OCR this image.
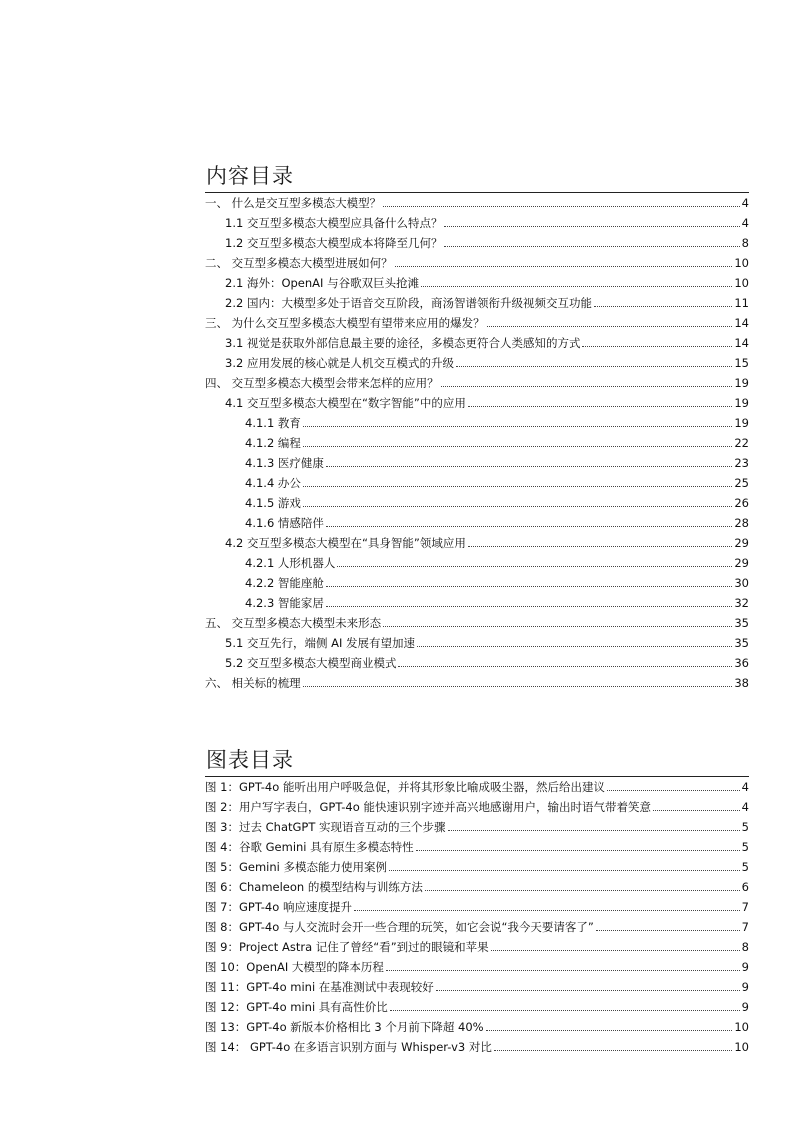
内容目录
一、 什么是交互型多模态大模型？	4
1.1 交互型多模态大模型应具备什么特点？	4
1.2 交互型多模态大模型成本将降至几何？	8
二、 交互型多模态大模型进展如何？	10
2.1 海外：OpenAI 与谷歌双巨头抢滩	10
2.2 国内：大模型多处于语音交互阶段，商汤智谱领衔升级视频交互功能	11
三、 为什么交互型多模态大模型有望带来应用的爆发？	14
3.1 视觉是获取外部信息最主要的途径，多模态更符合人类感知的方式	14
3.2 应用发展的核心就是人机交互模式的升级	15
四、 交互型多模态大模型会带来怎样的应用？	19
4.1 交互型多模态大模型在“数字智能”中的应用	19
4.1.1 教育	19
4.1.2 编程	22
4.1.3 医疗健康	23
4.1.4 办公	25
4.1.5 游戏	26
4.1.6 情感陪伴	28
4.2 交互型多模态大模型在“具身智能”领域应用	29
4.2.1 人形机器人	29
4.2.2 智能座舱	30
4.2.3 智能家居	32
五、 交互型多模态大模型未来形态	35
5.1 交互先行，端侧 AI 发展有望加速	35
5.2 交互型多模态大模型商业模式	36
六、 相关标的梳理	38
图表目录
图 1：GPT-4o 能听出用户呼吸急促，并将其形象比喻成吸尘器，然后给出建议	4
图 2：用户写字表白，GPT-4o 能快速识别字迹并高兴地感谢用户，输出时语气带着笑意	4
图 3：过去 ChatGPT 实现语音互动的三个步骤	5
图 4：谷歌 Gemini 具有原生多模态特性	5
图 5：Gemini 多模态能力使用案例	5
图 6：Chameleon 的模型结构与训练方法	6
图 7：GPT-4o 响应速度提升	7
图 8：GPT-4o 与人交流时会开一些合理的玩笑，如它会说“我今天要请客了”	7
图 9：Project Astra 记住了曾经“看”到过的眼镜和苹果	8
图 10：OpenAI 大模型的降本历程	9
图 11：GPT-4o mini 在基准测试中表现较好	9
图 12：GPT-4o mini 具有高性价比	9
图 13：GPT-4o 新版本价格相比 3 个月前下降超 40%	10
图 14： GPT-4o 在多语言识别方面与 Whisper-v3 对比	10
